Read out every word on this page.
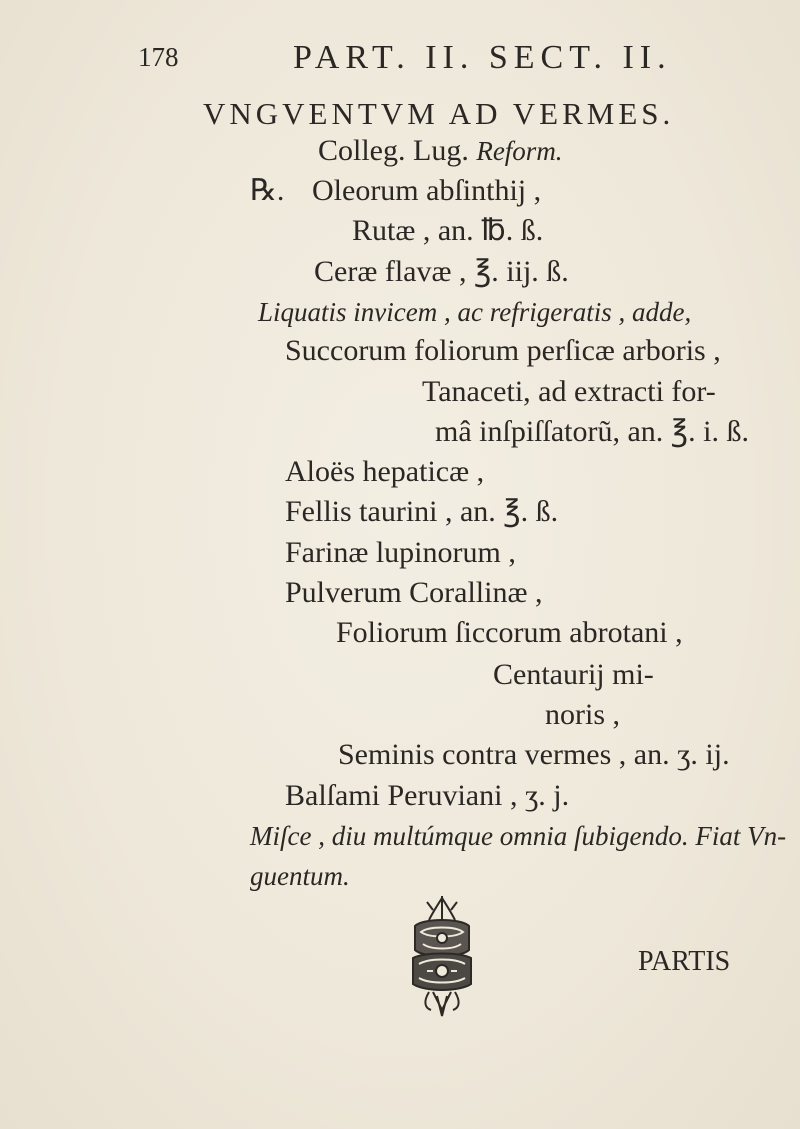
178	PART. II. SECT. II.
VNGVENTVM AD VERMES.
Colleg. Lug. Reform.
℞. Oleorum abſinthij ,
Rutæ , an. ℔. ß.
Ceræ flavæ , ℥. iij. ß.
Liquatis invicem , ac refrigeratis , adde,
Succorum foliorum perſicæ arboris ,
Tanaceti, ad extracti for-
mâ inſpiſſatorũ, an. ℥. i. ß.
Aloës hepaticæ ,
Fellis taurini , an. ℥. ß.
Farinæ lupinorum ,
Pulverum Corallinæ ,
Foliorum ſiccorum abrotani ,
Centaurij mi-
noris ,
Seminis contra vermes , an. ʒ. ij.
Balſami Peruviani , ʒ. j.
Miſce , diu multúmque omnia ſubigendo. Fiat Vn-
guentum.
PARTIS
